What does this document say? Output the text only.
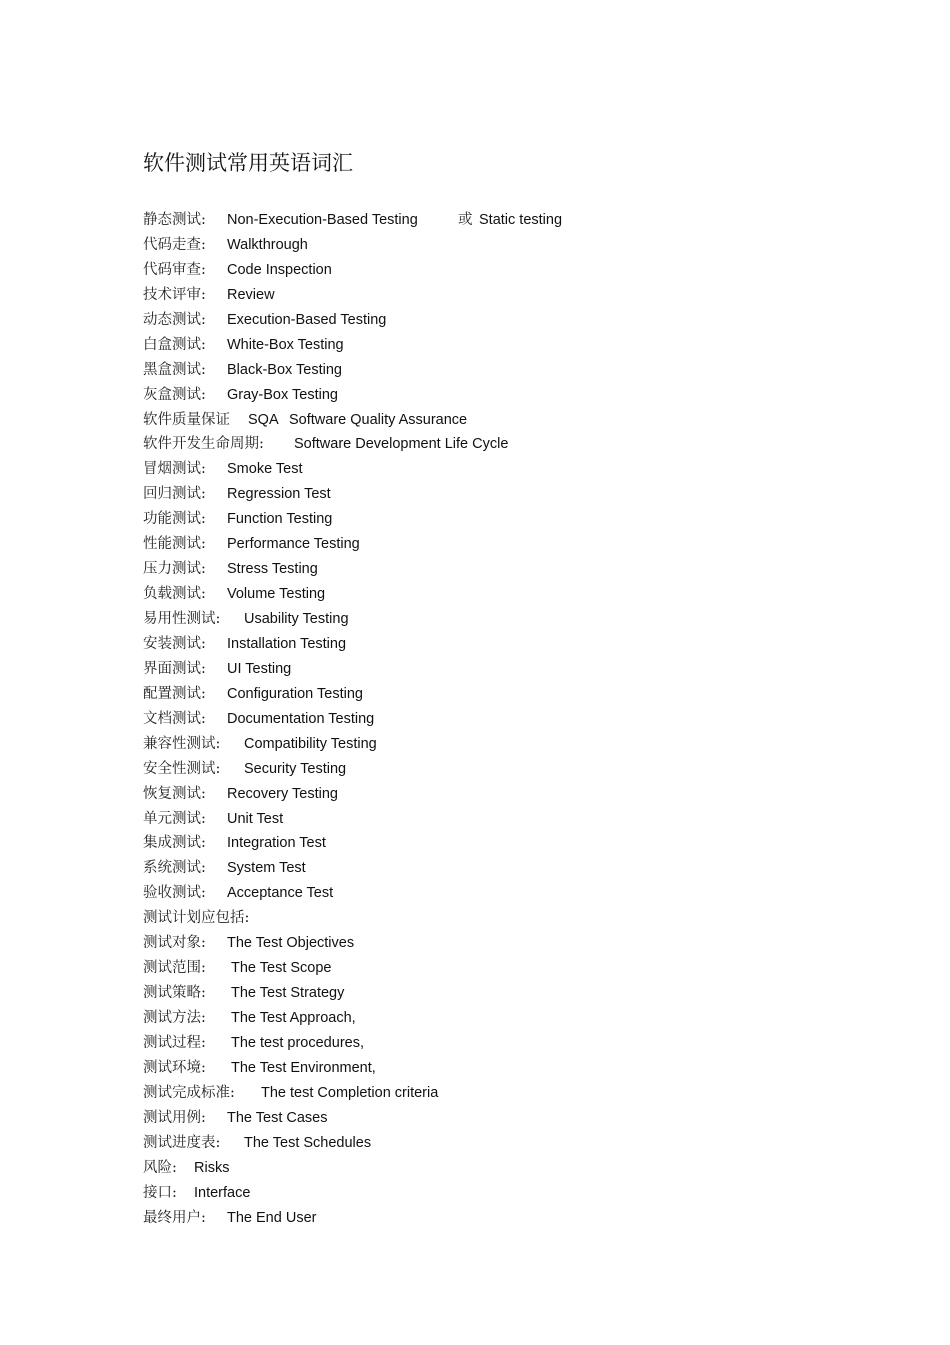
软件测试常用英语词汇
静态测试: Non-Execution-Based Testing	或 Static testing
代码走查: Walkthrough
代码审查: Code Inspection
技术评审: Review
动态测试: Execution-Based Testing
白盒测试: White-Box Testing
黑盒测试: Black-Box Testing
灰盒测试: Gray-Box Testing
软件质量保证 SQA Software Quality Assurance
软件开发生命周期: Software Development Life Cycle
冒烟测试: Smoke Test
回归测试: Regression Test
功能测试: Function Testing
性能测试: Performance Testing
压力测试: Stress Testing
负载测试: Volume Testing
易用性测试: Usability Testing
安装测试: Installation Testing
界面测试: UI Testing
配置测试: Configuration Testing
文档测试: Documentation Testing
兼容性测试: Compatibility Testing
安全性测试: Security Testing
恢复测试: Recovery Testing
单元测试: Unit Test
集成测试: Integration Test
系统测试: System Test
验收测试: Acceptance Test
测试计划应包括:
测试对象: The Test Objectives
测试范围: The Test Scope
测试策略: The Test Strategy
测试方法: The Test Approach,
测试过程: The test procedures,
测试环境: The Test Environment,
测试完成标准: The test Completion criteria
测试用例: The Test Cases
测试进度表: The Test Schedules
风险: Risks
接口: Interface
最终用户: The End User
